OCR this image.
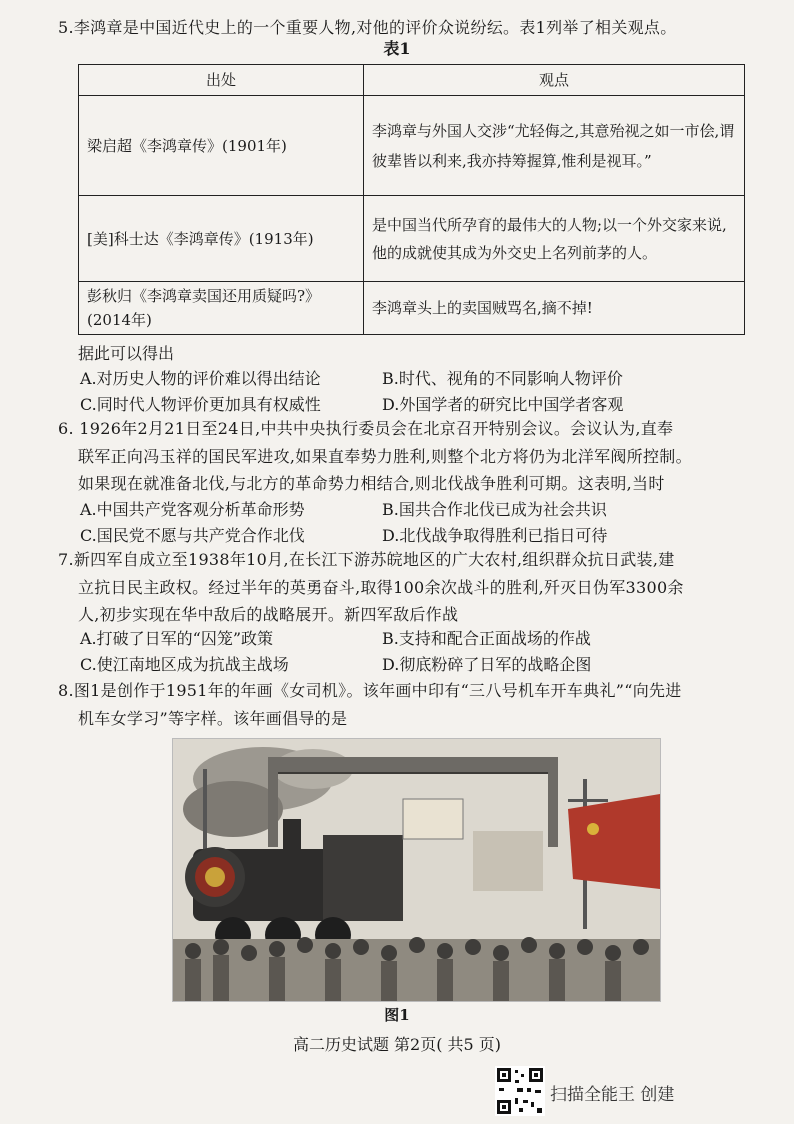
5.李鸿章是中国近代史上的一个重要人物,对他的评价众说纷纭。表1列举了相关观点。
表1
出处	观点
梁启超《李鸿章传》(1901年)	李鸿章与外国人交涉“尤轻侮之,其意殆视之如一市侩,谓彼辈皆以利来,我亦持筹握算,惟利是视耳。”
[美]科士达《李鸿章传》(1913年)	是中国当代所孕育的最伟大的人物;以一个外交家来说,他的成就使其成为外交史上名列前茅的人。
彭秋归《李鸿章卖国还用质疑吗?》(2014年)	李鸿章头上的卖国贼骂名,摘不掉!
据此可以得出
A.对历史人物的评价难以得出结论	B.时代、视角的不同影响人物评价
C.同时代人物评价更加具有权威性	D.外国学者的研究比中国学者客观
6. 1926年2月21日至24日,中共中央执行委员会在北京召开特别会议。会议认为,直奉
联军正向冯玉祥的国民军进攻,如果直奉势力胜利,则整个北方将仍为北洋军阀所控制。
如果现在就准备北伐,与北方的革命势力相结合,则北伐战争胜利可期。这表明,当时
A.中国共产党客观分析革命形势	B.国共合作北伐已成为社会共识
C.国民党不愿与共产党合作北伐	D.北伐战争取得胜利已指日可待
7.新四军自成立至1938年10月,在长江下游苏皖地区的广大农村,组织群众抗日武装,建
立抗日民主政权。经过半年的英勇奋斗,取得100余次战斗的胜利,歼灭日伪军3300余
人,初步实现在华中敌后的战略展开。新四军敌后作战
A.打破了日军的“囚笼”政策	B.支持和配合正面战场的作战
C.使江南地区成为抗战主战场	D.彻底粉碎了日军的战略企图
8.图1是创作于1951年的年画《女司机》。该年画中印有“三八号机车开车典礼”“向先进
机车女学习”等字样。该年画倡导的是
图1
高二历史试题 第2页( 共5 页)
扫描全能王 创建
